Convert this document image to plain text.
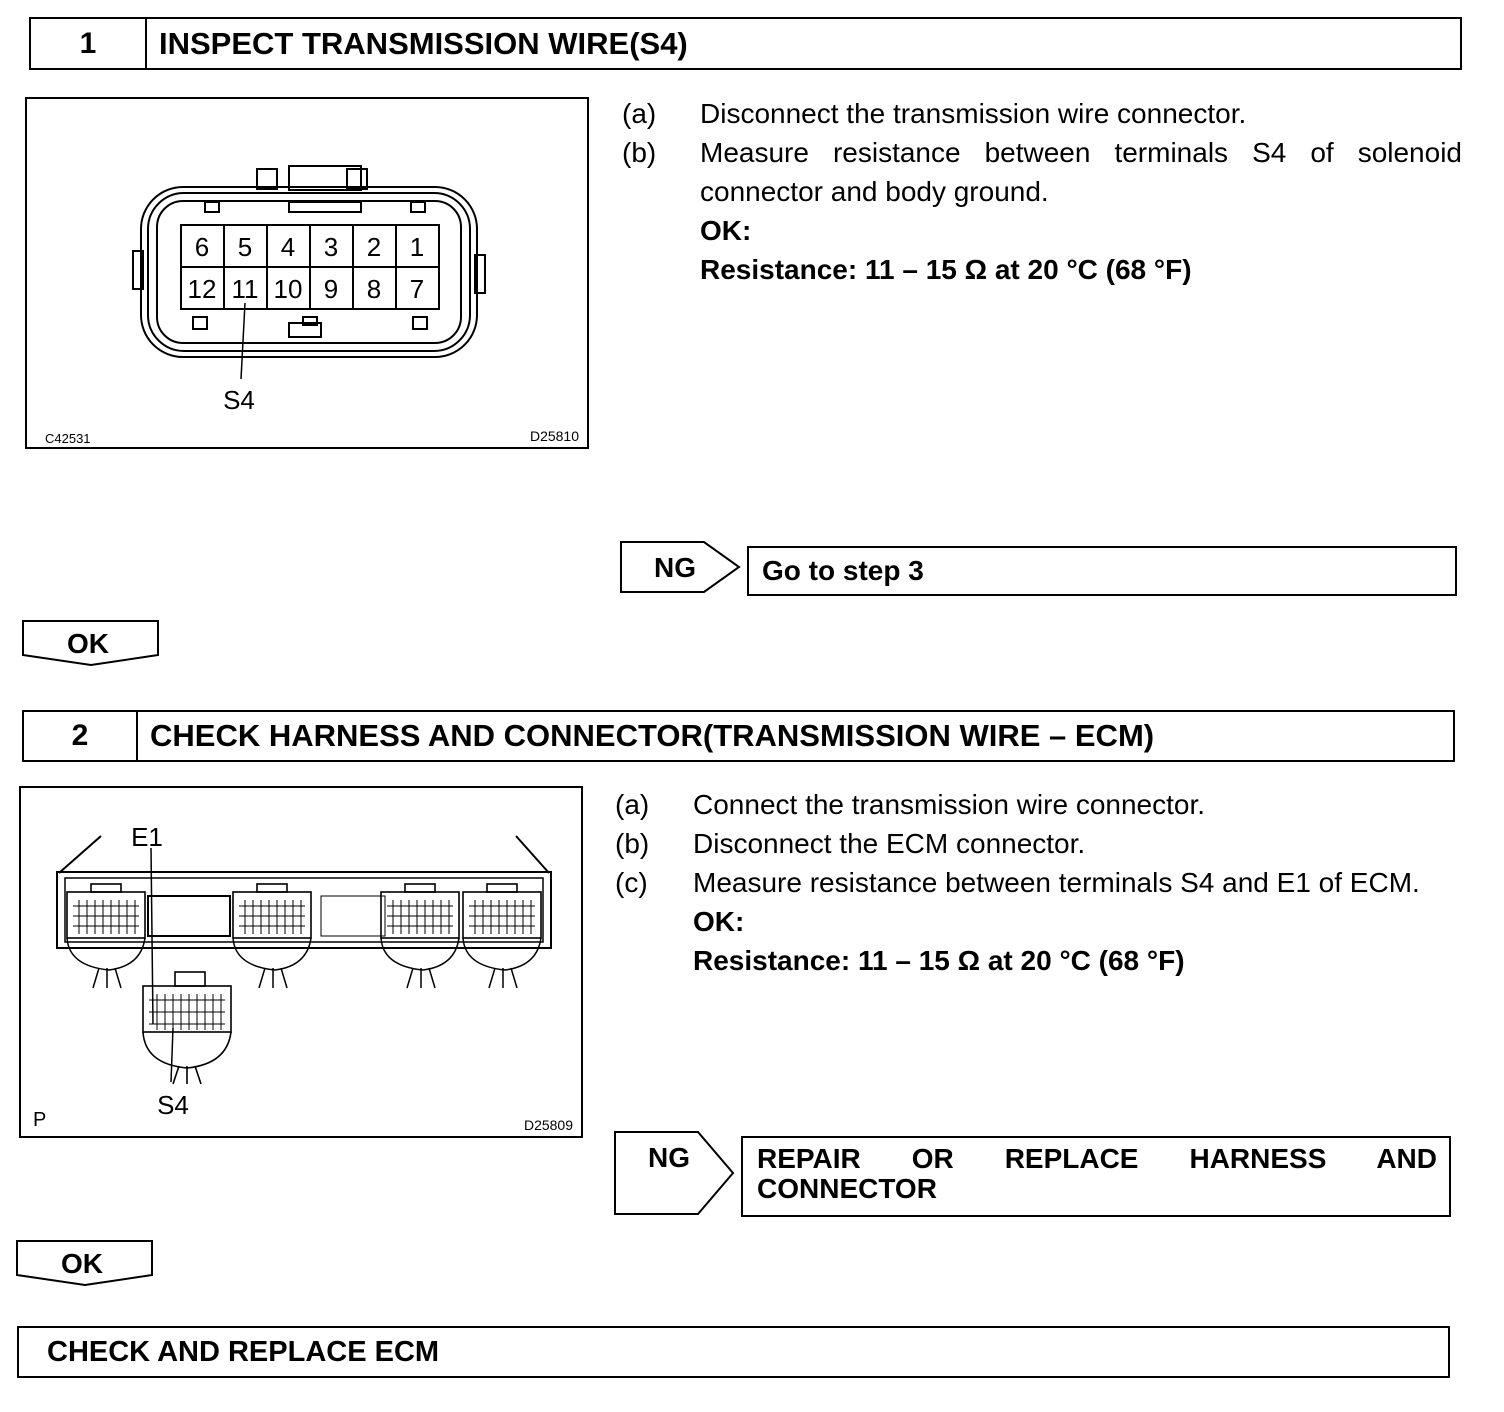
1	INSPECT TRANSMISSION WIRE(S4)
6 5 4 3 2 1
12 11 10 9 8 7
S4
C42531	D25810
(a)	Disconnect the transmission wire connector.
(b)	Measure resistance between terminals S4 of solenoid connector and body ground.
OK:
Resistance: 11 – 15 Ω at 20 °C (68 °F)
NG Go to step 3
OK
2	CHECK HARNESS AND CONNECTOR(TRANSMISSION WIRE – ECM)
E1
S4
P	D25809
(a)	Connect the transmission wire connector.
(b)	Disconnect the ECM connector.
(c)	Measure resistance between terminals S4 and E1 of ECM.
OK:
Resistance: 11 – 15 Ω at 20 °C (68 °F)
NG REPAIR OR REPLACE HARNESS AND
CONNECTOR
OK
CHECK AND REPLACE ECM
